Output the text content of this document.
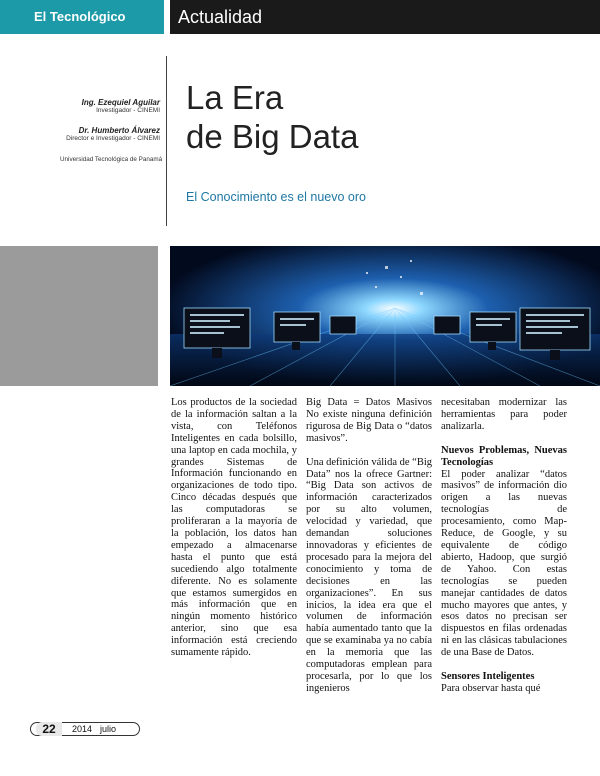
El Tecnológico	Actualidad
Ing. Ezequiel Aguilar
Investigador - CINEMI
Dr. Humberto Álvarez
Director e Investigador - CINEMI
Universidad Tecnológica de Panamá
La Era
de Big Data
El Conocimiento es el nuevo oro

Los productos de la sociedad de la información saltan a la vista, con Teléfonos Inteligentes en cada bolsillo, una laptop en cada mochila, y grandes Sistemas de Información funcionando en organizaciones de todo tipo. Cinco décadas después que las computadoras se proliferaran a la mayoría de la población, los datos han empezado a almacenarse hasta el punto que está sucediendo algo totalmente diferente. No es solamente que estamos sumergidos en más información que en ningún momento histórico anterior, sino que esa información está creciendo sumamente rápido.

Big Data = Datos Masivos No existe ninguna definición rigurosa de Big Data o “datos masivos”.

Una definición válida de “Big Data” nos la ofrece Gartner: “Big Data son activos de información caracterizados por su alto volumen, velocidad y variedad, que demandan soluciones innovadoras y eficientes de procesado para la mejora del conocimiento y toma de decisiones en las organizaciones”. En sus inicios, la idea era que el volumen de información había aumentado tanto que la que se examinaba ya no cabía en la memoria que las computadoras emplean para procesarla, por lo que los ingenieros

necesitaban modernizar las herramientas para poder analizarla.

Nuevos Problemas, Nuevas Tecnologías

El poder analizar “datos masivos” de información dio origen a las nuevas tecnologías de procesamiento, como Map-Reduce, de Google, y su equivalente de código abierto, Hadoop, que surgió de Yahoo. Con estas tecnologías se pueden manejar cantidades de datos mucho mayores que antes, y esos datos no precisan ser dispuestos en filas ordenadas ni en las clásicas tabulaciones de una Base de Datos.

Sensores Inteligentes

Para observar hasta qué

22	2014 julio
